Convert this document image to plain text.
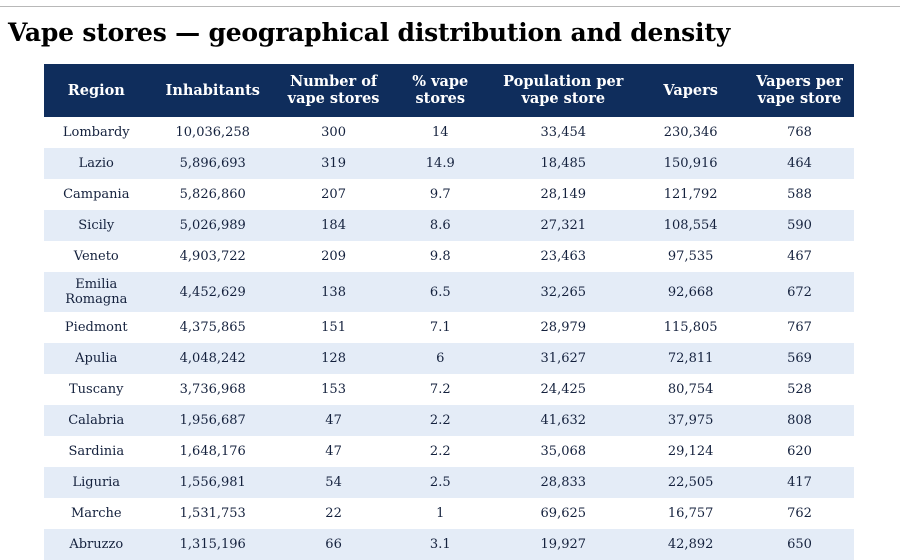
Vape stores — geographical distribution and density
Region	Inhabitants	Number of vape stores	% vape stores	Population per vape store	Vapers	Vapers per vape store
Lombardy	10,036,258	300	14	33,454	230,346	768
Lazio	5,896,693	319	14.9	18,485	150,916	464
Campania	5,826,860	207	9.7	28,149	121,792	588
Sicily	5,026,989	184	8.6	27,321	108,554	590
Veneto	4,903,722	209	9.8	23,463	97,535	467
Emilia Romagna	4,452,629	138	6.5	32,265	92,668	672
Piedmont	4,375,865	151	7.1	28,979	115,805	767
Apulia	4,048,242	128	6	31,627	72,811	569
Tuscany	3,736,968	153	7.2	24,425	80,754	528
Calabria	1,956,687	47	2.2	41,632	37,975	808
Sardinia	1,648,176	47	2.2	35,068	29,124	620
Liguria	1,556,981	54	2.5	28,833	22,505	417
Marche	1,531,753	22	1	69,625	16,757	762
Abruzzo	1,315,196	66	3.1	19,927	42,892	650
